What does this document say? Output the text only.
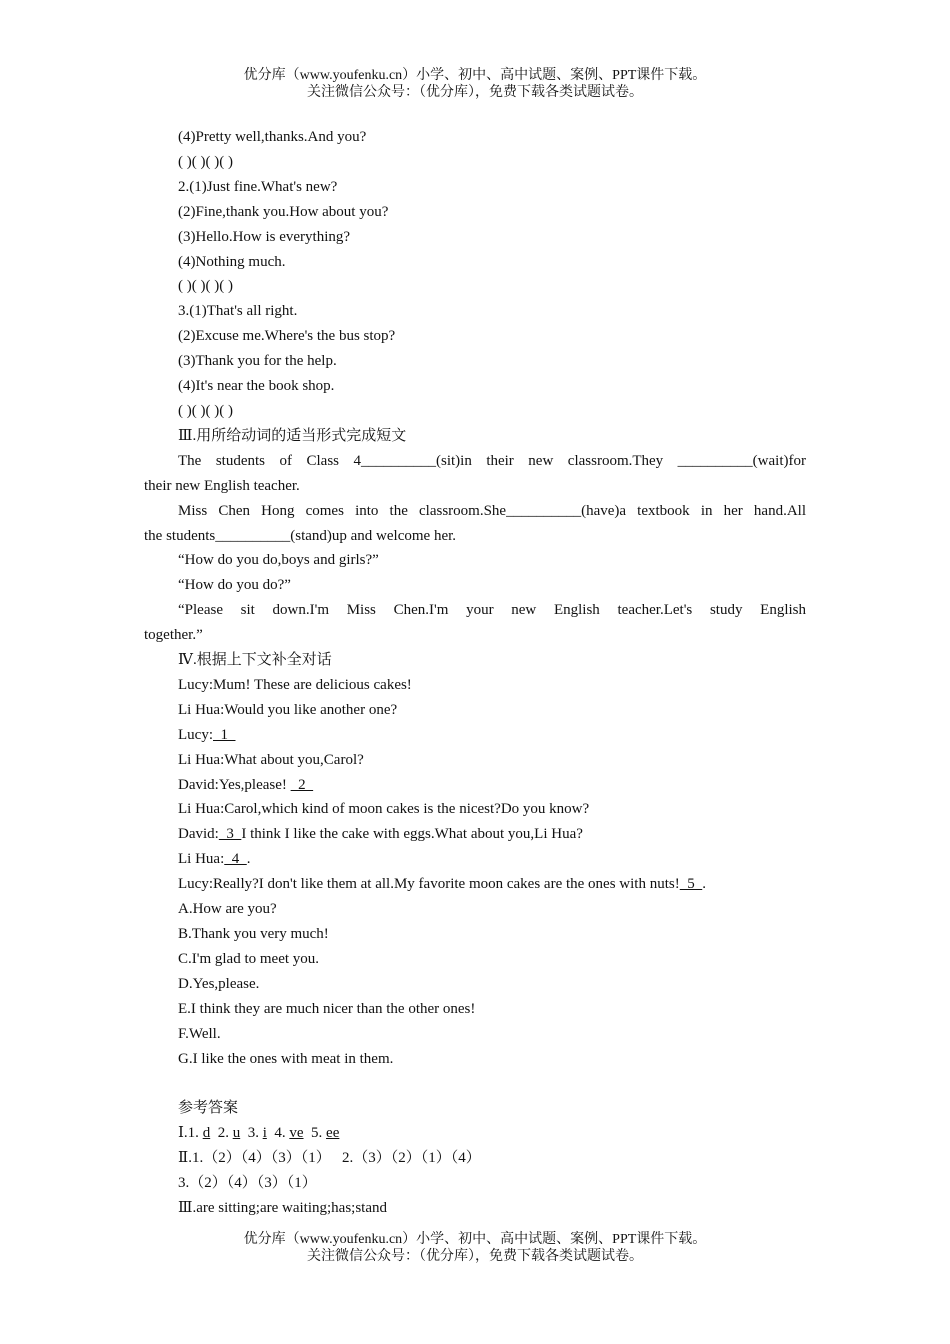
优分库（www.youfenku.cn）小学、初中、高中试题、案例、PPT课件下载。
关注微信公众号：（优分库），免费下载各类试题试卷。

(4)Pretty well,thanks.And you?

( )( )( )( )

2.(1)Just fine.What's new?

(2)Fine,thank you.How about you?

(3)Hello.How is everything?

(4)Nothing much.

( )( )( )( )

3.(1)That's all right.

(2)Excuse me.Where's the bus stop?

(3)Thank you for the help.

(4)It's near the book shop.

( )( )( )( )

Ⅲ.用所给动词的适当形式完成短文

The students of Class 4__________(sit)in their new classroom.They __________(wait)for

their new English teacher.

Miss Chen Hong comes into the classroom.She__________(have)a textbook in her hand.All

the students__________(stand)up and welcome her.

“How do you do,boys and girls?”

“How do you do?”

“Please sit down.I'm Miss Chen.I'm your new English teacher.Let's study English

together.”

Ⅳ.根据上下文补全对话

Lucy:Mum! These are delicious cakes!

Li Hua:Would you like another one?

Lucy:  1

Li Hua:What about you,Carol?

David:Yes,please!   2

Li Hua:Carol,which kind of moon cakes is the nicest?Do you know?

David:  3  I think I like the cake with eggs.What about you,Li Hua?

Li Hua:  4  .

Lucy:Really?I don't like them at all.My favorite moon cakes are the ones with nuts!  5  .

A.How are you?

B.Thank you very much!

C.I'm glad to meet you.

D.Yes,please.

E.I think they are much nicer than the other ones!

F.Well.

G.I like the ones with meat in them.

参考答案

Ⅰ.1. d  2. u  3. i  4. ve  5. ee

Ⅱ.1.（2）（4）（3）（1）   2.（3）（2）（1）（4）

3.（2）（4）（3）（1）

Ⅲ.are sitting;are waiting;has;stand

优分库（www.youfenku.cn）小学、初中、高中试题、案例、PPT课件下载。
关注微信公众号：（优分库），免费下载各类试题试卷。
